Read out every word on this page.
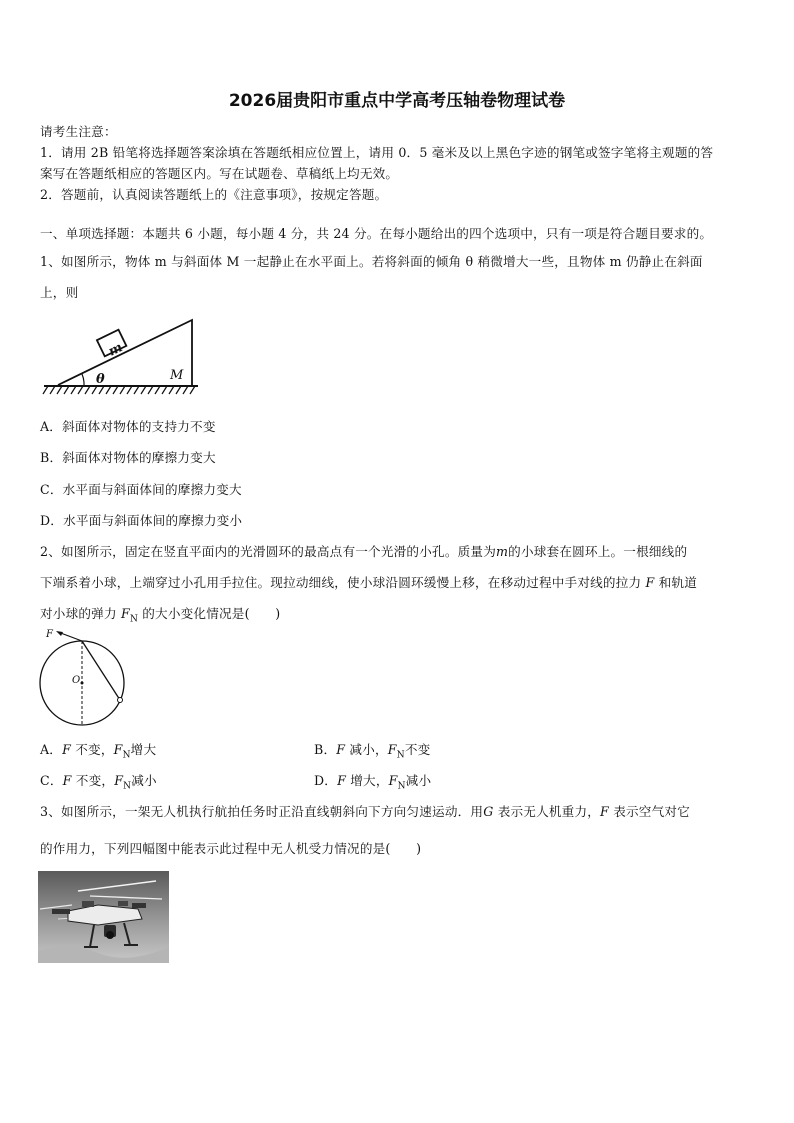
2026届贵阳市重点中学高考压轴卷物理试卷
请考生注意：
1．请用 2B 铅笔将选择题答案涂填在答题纸相应位置上，请用 0．5 毫米及以上黑色字迹的钢笔或签字笔将主观题的答
案写在答题纸相应的答题区内。写在试题卷、草稿纸上均无效。
2．答题前，认真阅读答题纸上的《注意事项》，按规定答题。
一、单项选择题：本题共 6 小题，每小题 4 分，共 24 分。在每小题给出的四个选项中，只有一项是符合题目要求的。
1、如图所示，物体 m 与斜面体 M 一起静止在水平面上。若将斜面的倾角 θ 稍微增大一些，且物体 m 仍静止在斜面
上，则
m
θ	M
A．斜面体对物体的支持力不变
B．斜面体对物体的摩擦力变大
C．水平面与斜面体间的摩擦力变大
D．水平面与斜面体间的摩擦力变小
2、如图所示，固定在竖直平面内的光滑圆环的最高点有一个光滑的小孔。质量为m的小球套在圆环上。一根细线的
下端系着小球，上端穿过小孔用手拉住。现拉动细线，使小球沿圆环缓慢上移，在移动过程中手对线的拉力 F 和轨道
对小球的弹力 $F_N$ 的大小变化情况是(　　)
F
O
A．F 不变，$F_N$增大	B．F 减小，$F_N$不变
C．F 不变，$F_N$减小	D．F 增大，$F_N$减小
3、如图所示，一架无人机执行航拍任务时正沿直线朝斜向下方向匀速运动．用G 表示无人机重力，F 表示空气对它
的作用力，下列四幅图中能表示此过程中无人机受力情况的是(　　)
